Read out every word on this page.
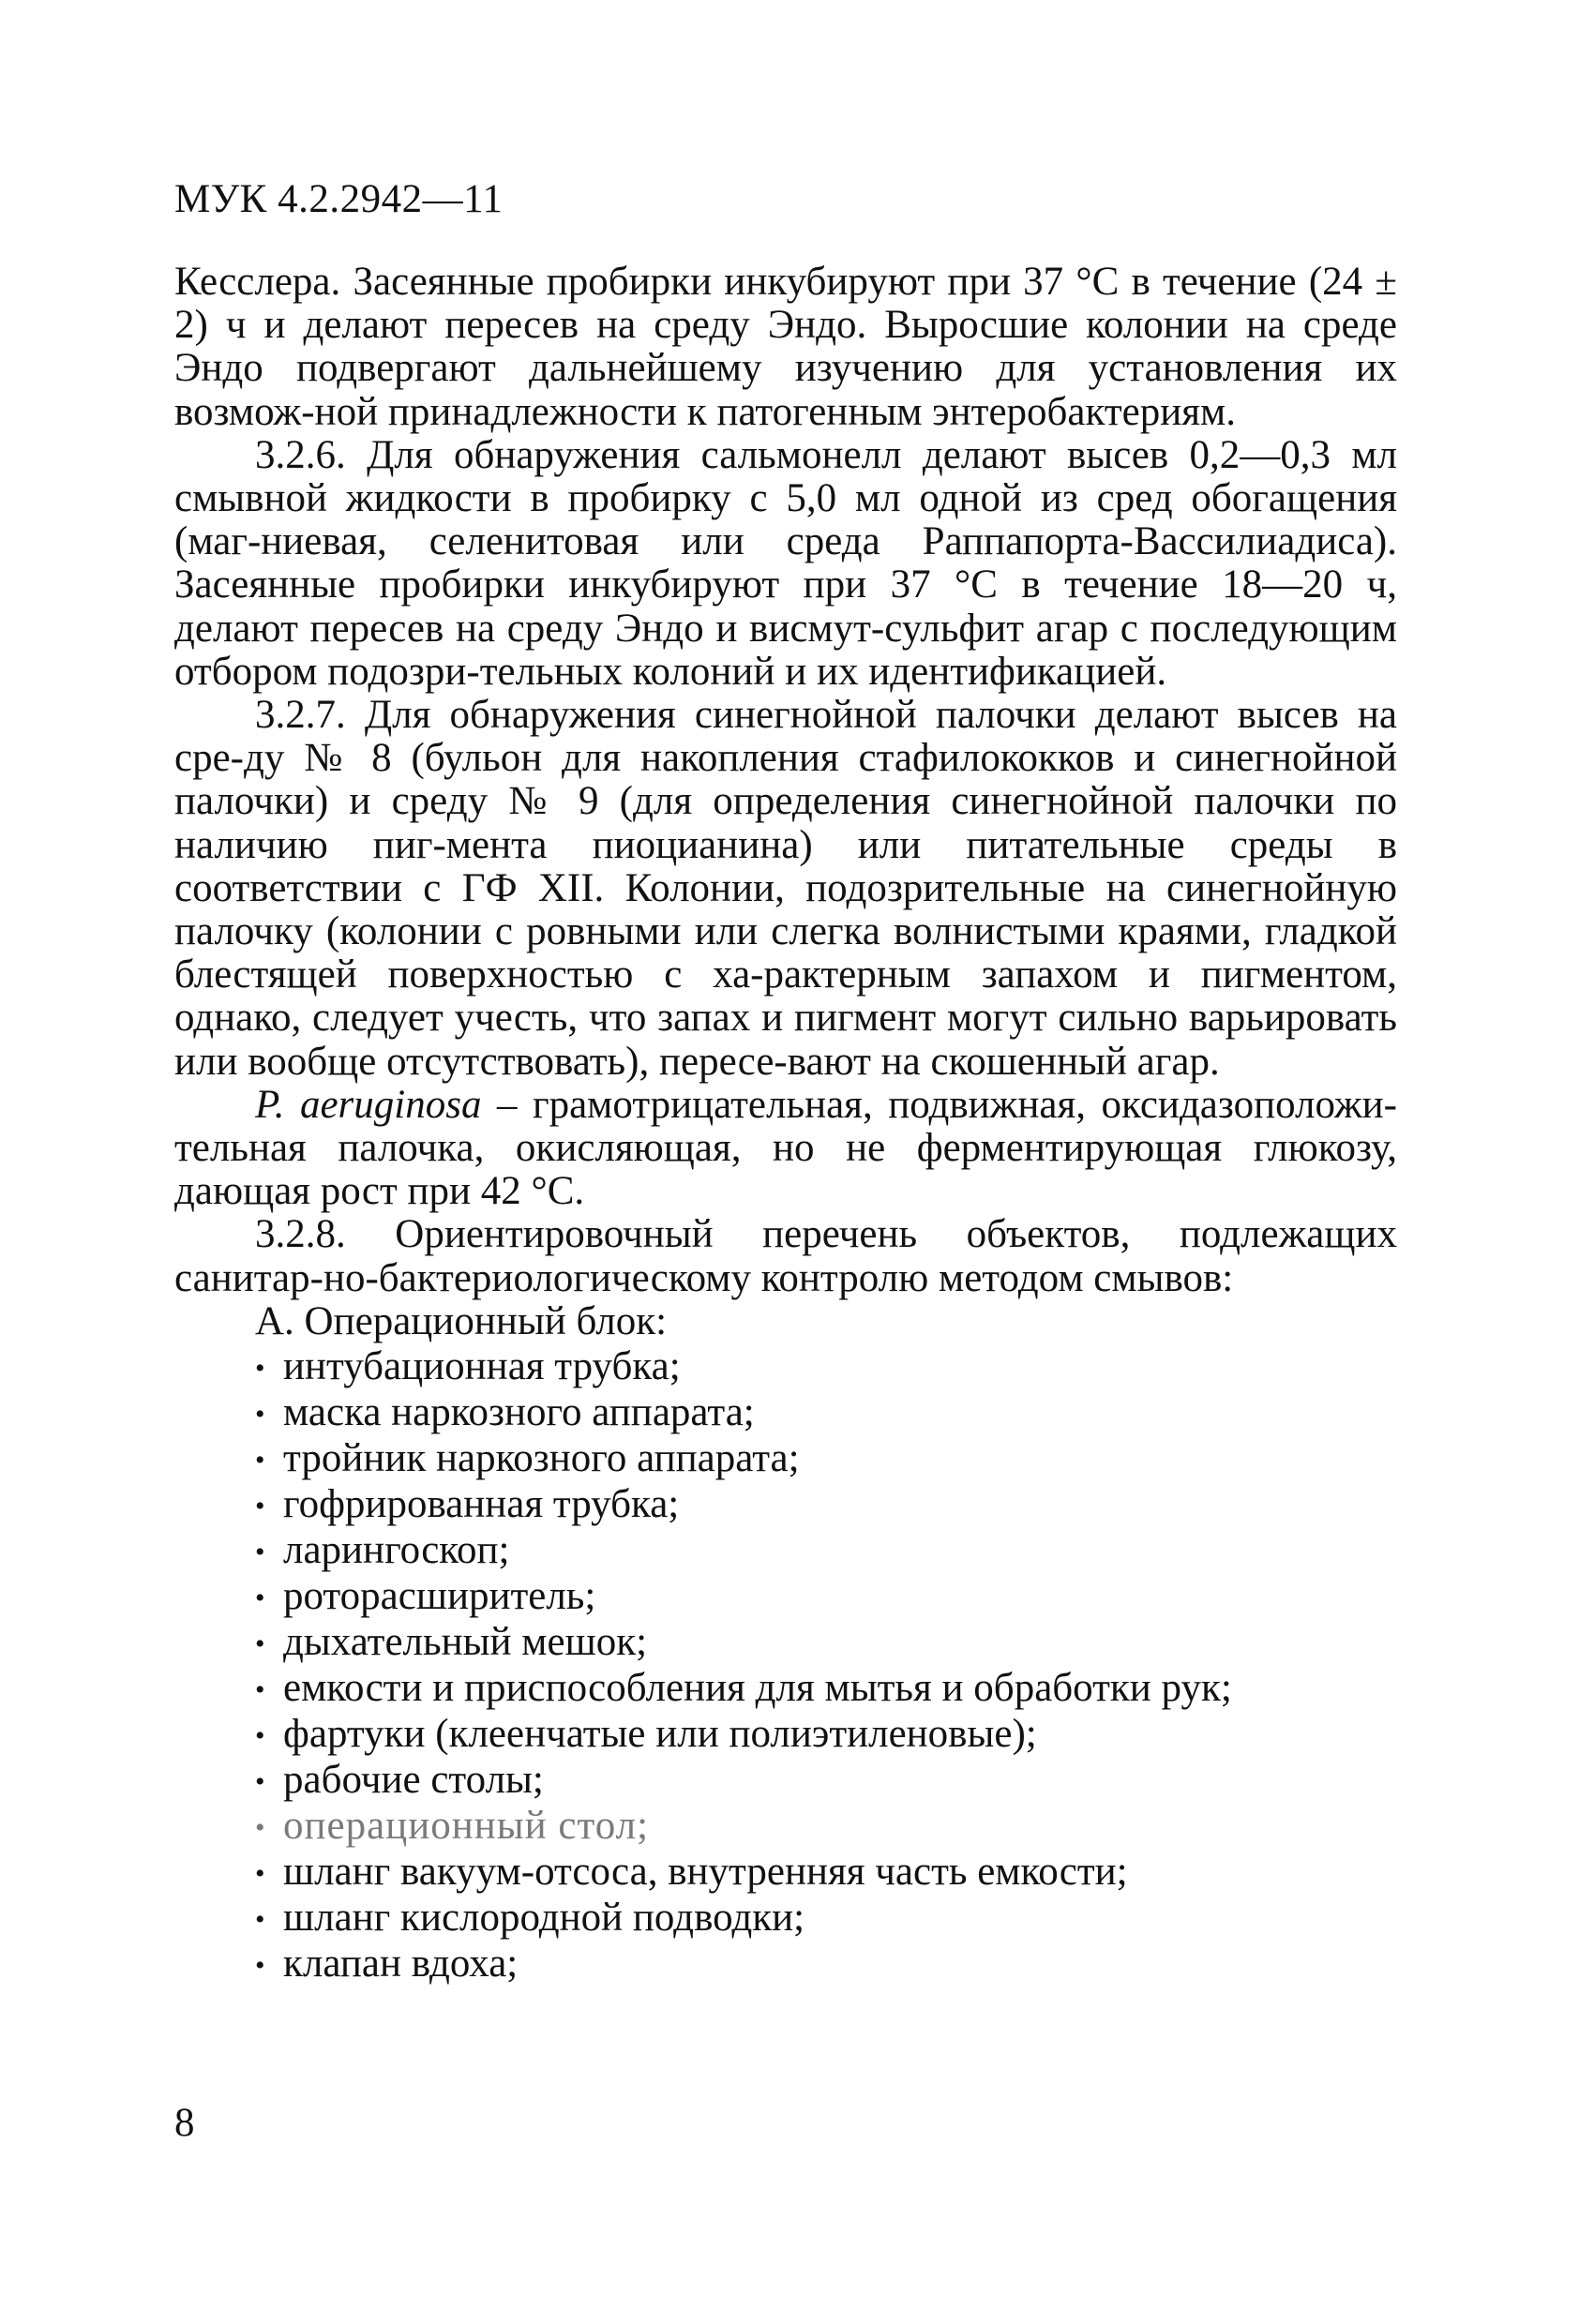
МУК 4.2.2942—11

Кесслера. Засеянные пробирки инкубируют при 37 °С в течение (24 ± 2) ч и делают пересев на среду Эндо. Выросшие колонии на среде Эндо подвергают дальнейшему изучению для установления их возмож-ной принадлежности к патогенным энтеробактериям.

3.2.6. Для обнаружения сальмонелл делают высев 0,2—0,3 мл смывной жидкости в пробирку с 5,0 мл одной из сред обогащения (маг-ниевая, селенитовая или среда Раппапорта-Вассилиадиса). Засеянные пробирки инкубируют при 37 °С в течение 18—20 ч, делают пересев на среду Эндо и висмут-сульфит агар с последующим отбором подозри-тельных колоний и их идентификацией.

3.2.7. Для обнаружения синегнойной палочки делают высев на сре-ду № 8 (бульон для накопления стафилококков и синегнойной палочки) и среду № 9 (для определения синегнойной палочки по наличию пиг-мента пиоцианина) или питательные среды в соответствии с ГФ XII. Колонии, подозрительные на синегнойную палочку (колонии с ровными или слегка волнистыми краями, гладкой блестящей поверхностью с ха-рактерным запахом и пигментом, однако, следует учесть, что запах и пигмент могут сильно варьировать или вообще отсутствовать), пересе-вают на скошенный агар.

P. aeruginosa – грамотрицательная, подвижная, оксидазоположи-тельная палочка, окисляющая, но не ферментирующая глюкозу, дающая рост при 42 °С.

3.2.8. Ориентировочный перечень объектов, подлежащих санитар-но-бактериологическому контролю методом смывов:

А. Операционный блок:

• интубационная трубка;
• маска наркозного аппарата;
• тройник наркозного аппарата;
• гофрированная трубка;
• ларингоскоп;
• роторасширитель;
• дыхательный мешок;
• емкости и приспособления для мытья и обработки рук;
• фартуки (клеенчатые или полиэтиленовые);
• рабочие столы;
• операционный стол;
• шланг вакуум-отсоса, внутренняя часть емкости;
• шланг кислородной подводки;
• клапан вдоха;
8
